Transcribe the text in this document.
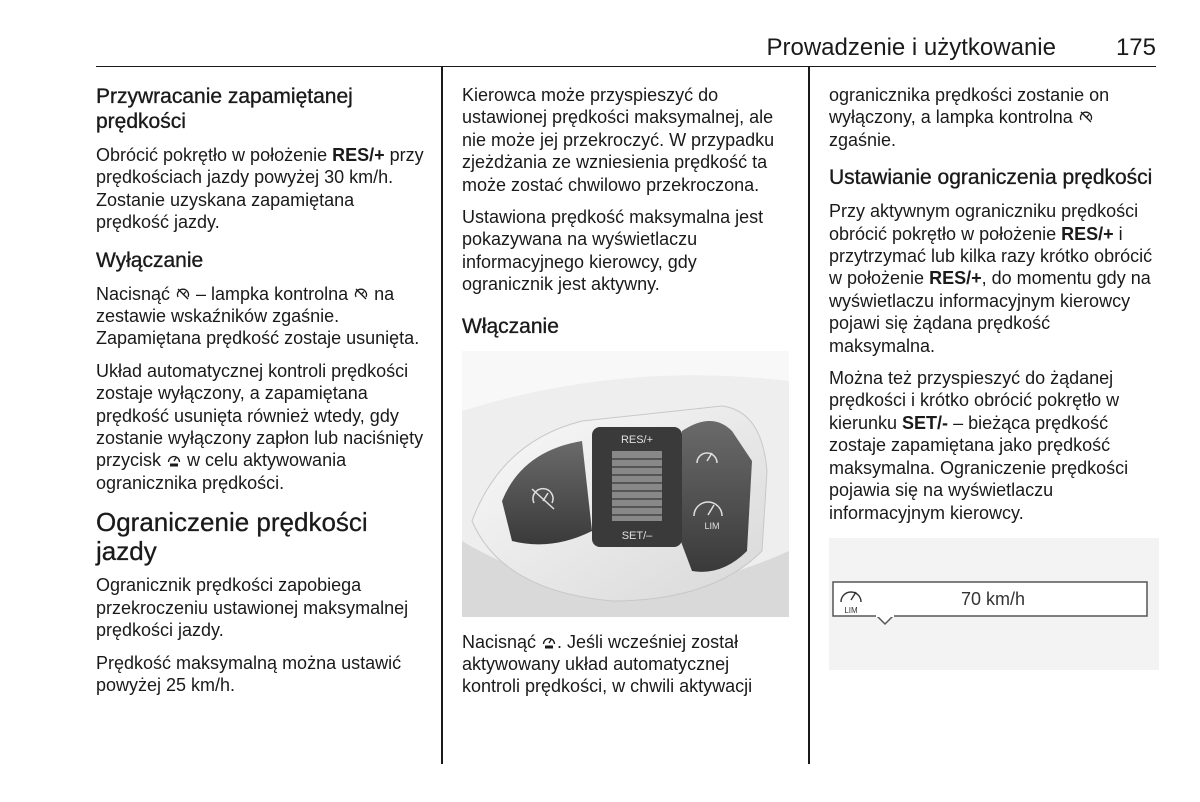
Prowadzenie i użytkowanie 175
Przywracanie zapamiętanej prędkości

Obrócić pokrętło w położenie RES/+ przy prędkościach jazdy powyżej 30 km/h. Zostanie uzyskana zapamiętana prędkość jazdy.

Wyłączanie

Nacisnąć  – lampka kontrolna  na zestawie wskaźników zgaśnie. Zapamiętana prędkość zostaje usunięta.

Układ automatycznej kontroli prędkości zostaje wyłączony, a zapamiętana prędkość usunięta również wtedy, gdy zostanie wyłączony zapłon lub naciśnięty przycisk  w celu aktywowania ogranicznika prędkości.

Ograniczenie prędkości jazdy

Ogranicznik prędkości zapobiega przekroczeniu ustawionej maksymalnej prędkości jazdy.

Prędkość maksymalną można ustawić powyżej 25 km/h.

Kierowca może przyspieszyć do ustawionej prędkości maksymalnej, ale nie może jej przekroczyć. W przypadku zjeżdżania ze wzniesienia prędkość ta może zostać chwilowo przekroczona.

Ustawiona prędkość maksymalna jest pokazywana na wyświetlaczu informacyjnego kierowcy, gdy ogranicznik jest aktywny.

Włączanie
RES/+
SET/–
LIM

Nacisnąć . Jeśli wcześniej został aktywowany układ automatycznej kontroli prędkości, w chwili aktywacji

ogranicznika prędkości zostanie on wyłączony, a lampka kontrolna  zgaśnie.

Ustawianie ograniczenia prędkości

Przy aktywnym ograniczniku prędkości obrócić pokrętło w położenie RES/+ i przytrzymać lub kilka razy krótko obrócić w położenie RES/+, do momentu gdy na wyświetlaczu informacyjnym kierowcy pojawi się żądana prędkość maksymalna.

Można też przyspieszyć do żądanej prędkości i krótko obrócić pokrętło w kierunku SET/- – bieżąca prędkość zostaje zapamiętana jako prędkość maksymalna. Ograniczenie prędkości pojawia się na wyświetlaczu informacyjnym kierowcy.

LIM
70 km/h
